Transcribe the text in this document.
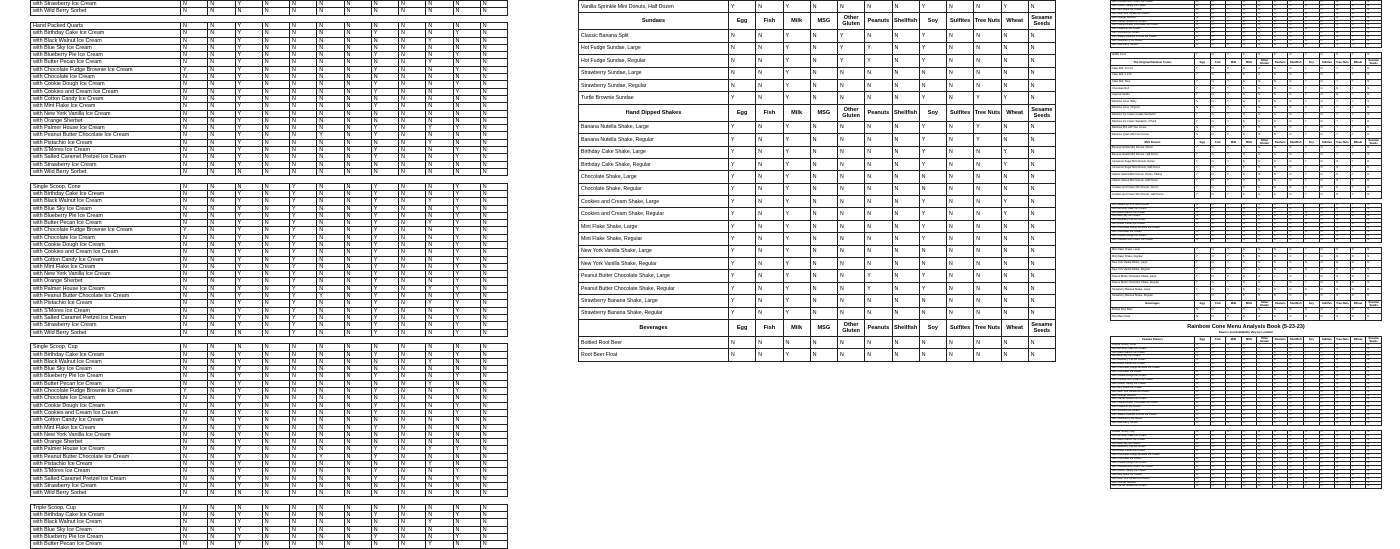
with Strawberry Ice Cream	N	N	Y	N	N	N	N	N	N	N	N	N
with Wild Berry Sorbet	N	N	N	N	N	N	N	N	N	N	N	N

Hand Packed Quarts	N	N	Y	N	N	N	N	N	N	N	N	N
with Birthday Cake Ice Cream	N	N	Y	N	N	N	N	Y	N	N	Y	N
with Black Walnut Ice Cream	N	N	Y	N	N	N	N	N	N	Y	N	N
with Blue Sky Ice Cream	N	N	Y	N	N	N	N	N	N	N	N	N
with Blueberry Pie Ice Cream	N	N	Y	N	N	N	N	Y	N	N	Y	N
with Butter Pecan Ice Cream	N	N	Y	N	N	N	N	N	N	Y	N	N
with Chocolate Fudge Brownie Ice Cream	Y	N	Y	N	N	N	N	Y	N	N	Y	N
with Chocolate Ice Cream	N	N	Y	N	N	N	N	N	N	N	N	N
with Cookie Dough Ice Cream	N	N	Y	N	N	N	N	Y	N	N	Y	N
with Cookies and Cream Ice Cream	N	N	Y	N	N	N	N	Y	N	N	Y	N
with Cotton Candy Ice Cream	N	N	Y	N	N	N	N	N	N	N	N	N
with Mint Flake Ice Cream	N	N	Y	N	N	N	N	Y	N	N	N	N
with New York Vanilla Ice Cream	N	N	Y	N	N	N	N	N	N	N	N	N
with Orange Sherbet	N	N	Y	N	N	N	N	N	N	N	N	N
with Palmer House Ice Cream	N	N	Y	N	N	N	N	Y	N	Y	Y	N
with Peanut Butter Chocolate Ice Cream	N	N	Y	N	N	Y	N	Y	N	N	N	N
with Pistachio Ice Cream	N	N	Y	N	N	N	N	N	N	Y	N	N
with S'Mores Ice Cream	N	N	Y	N	N	N	N	Y	N	N	Y	N
with Salted Caramel Pretzel Ice Cream	N	N	Y	N	N	N	N	Y	N	N	Y	N
with Strawberry Ice Cream	N	N	Y	N	N	N	N	N	N	N	N	N
with Wild Berry Sorbet	N	N	N	N	N	N	N	N	N	N	N	N

Single Scoop, Cone	N	N	N	N	Y	N	N	Y	N	N	Y	N
with Birthday Cake Ice Cream	N	N	Y	N	Y	N	N	Y	N	N	Y	N
with Black Walnut Ice Cream	N	N	Y	N	Y	N	N	Y	N	Y	Y	N
with Blue Sky Ice Cream	N	N	Y	N	Y	N	N	Y	N	N	Y	N
with Blueberry Pie Ice Cream	N	N	Y	N	Y	N	N	Y	N	N	Y	N
with Butter Pecan Ice Cream	N	N	Y	N	Y	N	N	Y	N	Y	Y	N
with Chocolate Fudge Brownie Ice Cream	Y	N	Y	N	Y	N	N	Y	N	N	Y	N
with Chocolate Ice Cream	N	N	Y	N	Y	N	N	Y	N	N	Y	N
with Cookie Dough Ice Cream	N	N	Y	N	Y	N	N	Y	N	N	Y	N
with Cookies and Cream Ice Cream	N	N	Y	N	Y	N	N	Y	N	N	Y	N
with Cotton Candy Ice Cream	N	N	Y	N	Y	N	N	Y	N	N	Y	N
with Mint Flake Ice Cream	N	N	Y	N	Y	N	N	Y	N	N	Y	N
with New York Vanilla Ice Cream	N	N	Y	N	Y	N	N	Y	N	N	Y	N
with Orange Sherbet	N	N	Y	N	Y	N	N	Y	N	N	Y	N
with Palmer House Ice Cream	N	N	Y	N	Y	N	N	Y	N	Y	Y	N
with Peanut Butter Chocolate Ice Cream	N	N	Y	N	Y	Y	N	Y	N	N	Y	N
with Pistachio Ice Cream	N	N	Y	N	Y	N	N	Y	N	Y	Y	N
with S'Mores Ice Cream	N	N	Y	N	Y	N	N	Y	N	N	Y	N
with Salted Caramel Pretzel Ice Cream	N	N	Y	N	Y	N	N	Y	N	N	Y	N
with Strawberry Ice Cream	N	N	Y	N	Y	N	N	Y	N	N	Y	N
with Wild Berry Sorbet	N	N	N	N	Y	N	N	Y	N	N	Y	N

Single Scoop, Cup	N	N	N	N	N	N	N	N	N	N	N	N
with Birthday Cake Ice Cream	N	N	Y	N	N	N	N	Y	N	N	Y	N
with Black Walnut Ice Cream	N	N	Y	N	N	N	N	N	N	Y	N	N
with Blue Sky Ice Cream	N	N	Y	N	N	N	N	N	N	N	N	N
with Blueberry Pie Ice Cream	N	N	Y	N	N	N	N	Y	N	N	Y	N
with Butter Pecan Ice Cream	N	N	Y	N	N	N	N	N	N	Y	N	N
with Chocolate Fudge Brownie Ice Cream	Y	N	Y	N	N	N	N	Y	N	N	Y	N
with Chocolate Ice Cream	N	N	Y	N	N	N	N	N	N	N	N	N
with Cookie Dough Ice Cream	N	N	Y	N	N	N	N	Y	N	N	Y	N
with Cookies and Cream Ice Cream	N	N	Y	N	N	N	N	Y	N	N	Y	N
with Cotton Candy Ice Cream	N	N	Y	N	N	N	N	N	N	N	N	N
with Mint Flake Ice Cream	N	N	Y	N	N	N	N	Y	N	N	N	N
with New York Vanilla Ice Cream	N	N	Y	N	N	N	N	N	N	N	N	N
with Orange Sherbet	N	N	Y	N	N	N	N	N	N	N	N	N
with Palmer House Ice Cream	N	N	Y	N	N	N	N	Y	N	Y	Y	N
with Peanut Butter Chocolate Ice Cream	N	N	Y	N	N	Y	N	Y	N	N	N	N
with Pistachio Ice Cream	N	N	Y	N	N	N	N	N	N	Y	N	N
with S'Mores Ice Cream	N	N	Y	N	N	N	N	Y	N	N	Y	N
with Salted Caramel Pretzel Ice Cream	N	N	Y	N	N	N	N	Y	N	N	Y	N
with Strawberry Ice Cream	N	N	Y	N	N	N	N	N	N	N	N	N
with Wild Berry Sorbet	N	N	N	N	N	N	N	N	N	N	N	N

Triple Scoop, Cup	N	N	N	N	N	N	N	N	N	N	N	N
with Birthday Cake Ice Cream	N	N	Y	N	N	N	N	Y	N	N	Y	N
with Black Walnut Ice Cream	N	N	Y	N	N	N	N	N	N	Y	N	N
with Blue Sky Ice Cream	N	N	Y	N	N	N	N	N	N	N	N	N
with Blueberry Pie Ice Cream	N	N	Y	N	N	N	N	Y	N	N	Y	N
with Butter Pecan Ice Cream	N	N	Y	N	N	N	N	N	N	Y	N	N
Vanilla Sprinkle Mini Donuts, Half Dozen	Y	N	Y	N	N	N	N	Y	N	N	Y	N
Sundaes	Egg	Fish	Milk	MSG	Other Gluten	Peanuts	Shellfish	Soy	Sulfites	Tree Nuts	Wheat	Sesame Seeds
Classic Banana Split	N	N	Y	N	Y	N	N	Y	N	N	N	N
Hot Fudge Sundae, Large	N	N	Y	N	Y	Y	N	Y	N	N	N	N
Hot Fudge Sundae, Regular	N	N	Y	N	Y	Y	N	Y	N	N	N	N
Strawberry Sundae, Large	N	N	Y	N	N	N	N	N	N	N	N	N
Strawberry Sundae, Regular	N	N	Y	N	N	N	N	N	N	N	N	N
Turtle Brownie Sundae	Y	N	Y	N	N	N	N	Y	N	Y	Y	N
Hand Dipped Shakes	Egg	Fish	Milk	MSG	Other Gluten	Peanuts	Shellfish	Soy	Sulfites	Tree Nuts	Wheat	Sesame Seeds
Banana Nutella Shake, Large	Y	N	Y	N	N	N	N	Y	N	Y	N	N
Banana Nutella Shake, Regular	Y	N	Y	N	N	N	N	Y	N	Y	N	N
Birthday Cake Shake, Large	Y	N	Y	N	N	N	N	Y	N	N	Y	N
Birthday Cake Shake, Regular	Y	N	Y	N	N	N	N	Y	N	N	Y	N
Chocolate Shake, Large	Y	N	Y	N	N	N	N	N	N	N	N	N
Chocolate Shake, Regular	Y	N	Y	N	N	N	N	N	N	N	N	N
Cookies and Cream Shake, Large	Y	N	Y	N	N	N	N	Y	N	N	Y	N
Cookies and Cream Shake, Regular	Y	N	Y	N	N	N	N	Y	N	N	Y	N
Mint Flake Shake, Large	Y	N	Y	N	N	N	N	Y	N	N	N	N
Mint Flake Shake, Regular	Y	N	Y	N	N	N	N	Y	N	N	N	N
New York Vanilla Shake, Large	Y	N	Y	N	N	N	N	N	N	N	N	N
New York Vanilla Shake, Regular	Y	N	Y	N	N	N	N	N	N	N	N	N
Peanut Butter Chocolate Shake, Large	Y	N	Y	N	N	Y	N	Y	N	N	N	N
Peanut Butter Chocolate Shake, Regular	Y	N	Y	N	N	Y	N	Y	N	N	N	N
Strawberry Banana Shake, Large	Y	N	Y	N	N	N	N	N	N	N	N	N
Strawberry Banana Shake, Regular	Y	N	Y	N	N	N	N	N	N	N	N	N
Beverages	Egg	Fish	Milk	MSG	Other Gluten	Peanuts	Shellfish	Soy	Sulfites	Tree Nuts	Wheat	Sesame Seeds
Bottled Root Beer	N	N	N	N	N	N	N	N	N	N	N	N
Root Beer Float	N	N	Y	N	N	N	N	N	N	N	N	N
with Cookies and Cream Ice Cream	N	N	Y	N	N	N	N	Y	N	N	Y	N
with Cotton Candy Ice Cream	N	N	Y	N	N	N	N	N	N	N	N	N
with Mint Flake Ice Cream	N	N	Y	N	N	N	N	Y	N	N	N	N
with New York Vanilla Ice Cream	N	N	Y	N	N	N	N	N	N	N	N	N
with Orange Sherbet	N	N	Y	N	N	N	N	N	N	N	N	N
with Palmer House Ice Cream	N	N	Y	N	N	N	N	Y	N	Y	Y	N
with Peanut Butter Chocolate Ice Cream	N	N	Y	N	N	Y	N	Y	N	N	N	N
with Pistachio Ice Cream	N	N	Y	N	N	N	N	N	N	Y	N	N
with S'Mores Ice Cream	N	N	Y	N	N	N	N	Y	N	N	Y	N
with Salted Caramel Pretzel Ice Cream	N	N	Y	N	N	N	N	Y	N	N	Y	N
with Strawberry Ice Cream	N	N	Y	N	N	N	N	N	N	N	N	N
with Wild Berry Sorbet	N	N	N	N	N	N	N	N	N	N	N	N

Waffle Cone	Y	N	Y	N	N	N	N	Y	N	N	Y	N
The Original Rainbow Cones	Egg	Fish	Milk	MSG	Other Gluten	Peanuts	Shellfish	Soy	Sulfites	Tree Nuts	Wheat	Sesame Seeds
Cake Roll, 12 Inch	Y	N	Y	N	N	N	N	Y	N	Y	Y	N
Cake Roll, 6 Inch	Y	N	Y	N	N	N	N	Y	N	Y	Y	N
Cake Roll, Slice	Y	N	Y	N	N	N	N	Y	N	Y	Y	N
Chocolate Roll	Y	N	Y	N	N	N	N	Y	N	N	Y	N
Layered Vanilla	Y	N	Y	N	N	N	N	Y	N	N	Y	N
Rainbow Cone, Baby	N	N	Y	N	N	N	N	Y	N	Y	Y	N
Rainbow Cone, Original	N	N	Y	N	N	N	N	Y	N	Y	Y	N
Rainbow Ice Cream Cookie Sandwich	Y	N	Y	N	N	N	N	Y	N	Y	Y	N
Rainbow Ice Cream Sandwich, 4 Pack	Y	N	Y	N	N	N	N	Y	N	Y	Y	N
Rainbow Pint with Two Cones	N	N	Y	N	N	N	N	Y	N	Y	Y	N
Rainbow Quart with Four Cones	N	N	Y	N	N	N	N	Y	N	Y	Y	N
Mini Donuts	Egg	Fish	Milk	MSG	Other Gluten	Peanuts	Shellfish	Soy	Sulfites	Tree Nuts	Wheat	Sesame Seeds
Banana Nutella Mini Donuts, Dozen	Y	N	Y	N	N	N	N	Y	N	Y	Y	N
Banana Nutella Mini Donuts, Half Dozen	Y	N	Y	N	N	N	N	Y	N	Y	Y	N
Cinnamon Sugar Mini Donuts, Dozen	Y	N	Y	N	N	N	N	Y	N	N	Y	N
Cinnamon Sugar Mini Donuts, Half Dozen	Y	N	Y	N	N	N	N	Y	N	N	Y	N
Classic Glazed Mini Donuts, Dozen, Plating	Y	N	Y	N	N	N	N	Y	N	N	Y	N
Classic Glazed Mini Donuts, Half Dozen	Y	N	Y	N	N	N	N	Y	N	N	Y	N
Cookies and Cream Mini Donuts, Dozen	Y	N	Y	N	N	N	N	Y	N	N	Y	N
Cookies and Cream Mini Donuts, Half Dozen	Y	N	Y	N	N	N	N	Y	N	N	Y	N

Ice Creams by 4 oz Mini Donuts	N	N	Y	N	N	N	N	Y	N	N	Y	N
with Birthday Cake Ice Cream	N	N	Y	N	N	N	N	Y	N	N	Y	N
with Black Walnut Ice Cream	N	N	Y	N	N	N	N	N	N	Y	N	N
with Blue Sky Ice Cream	N	N	Y	N	N	N	N	N	N	N	N	N
with Blueberry Pie Ice Cream	N	N	Y	N	N	N	N	Y	N	N	Y	N
with Butter Pecan Ice Cream	N	N	Y	N	N	N	N	N	N	Y	N	N
with Chocolate Fudge Brownie Ice Cream	Y	N	Y	N	N	N	N	Y	N	N	Y	N
with Chocolate Ice Cream	N	N	Y	N	N	N	N	N	N	N	N	N
with Cookie Dough Ice Cream	N	N	Y	N	N	N	N	Y	N	N	Y	N
with Cookies and Cream Ice Cream	N	N	Y	N	N	N	N	Y	N	N	Y	N

Mint Flake Shake, Large	Y	N	Y	N	N	N	N	Y	N	N	N	N
Mint Flake Shake, Regular	Y	N	Y	N	N	N	N	Y	N	N	N	N
New York Vanilla Shake, Large	Y	N	Y	N	N	N	N	N	N	N	N	N
New York Vanilla Shake, Regular	Y	N	Y	N	N	N	N	N	N	N	N	N
Peanut Butter Chocolate Shake, Large	Y	N	Y	N	N	Y	N	Y	N	N	N	N
Peanut Butter Chocolate Shake, Regular	Y	N	Y	N	N	Y	N	Y	N	N	N	N
Strawberry Banana Shake, Large	Y	N	Y	N	N	N	N	N	N	N	N	N
Strawberry Banana Shake, Regular	Y	N	Y	N	N	N	N	N	N	N	N	N
Beverages	Egg	Fish	Milk	MSG	Other Gluten	Peanuts	Shellfish	Soy	Sulfites	Tree Nuts	Wheat	Sesame Seeds
Bottled Root Beer	N	N	N	N	N	N	N	N	N	N	N	N
Root Beer Float	N	N	Y	N	N	N	N	N	N	N	N	N
Rainbow Cone Menu Analysis Book (5-23-23)
Flavors and Availability Vary by Location
Feature Flavors	Egg	Fish	Milk	MSG	Other Gluten	Peanuts	Shellfish	Soy	Sulfites	Tree Nuts	Wheat	Sesame Seeds
Double Scoop, Cone	N	N	N	N	Y	N	N	Y	N	N	Y	N
with Birthday Cake Ice Cream	N	N	Y	N	Y	N	N	Y	N	N	Y	N
with Black Walnut Ice Cream	N	N	Y	N	Y	N	N	Y	N	Y	Y	N
with Blue Sky Ice Cream	N	N	Y	N	Y	N	N	Y	N	N	Y	N
with Blueberry Pie Ice Cream	N	N	Y	N	Y	N	N	Y	N	N	Y	N
with Butter Pecan Ice Cream	N	N	Y	N	Y	N	N	Y	N	Y	Y	N
with Chocolate Fudge Brownie Ice Cream	Y	N	Y	N	Y	N	N	Y	N	N	Y	N
with Chocolate Ice Cream	N	N	Y	N	Y	N	N	Y	N	N	Y	N
with Cookie Dough Ice Cream	N	N	Y	N	Y	N	N	Y	N	N	Y	N
with Cookies and Cream Ice Cream	N	N	Y	N	Y	N	N	Y	N	N	Y	N
with Cotton Candy Ice Cream	N	N	Y	N	Y	N	N	Y	N	N	Y	N
with Mint Flake Ice Cream	N	N	Y	N	Y	N	N	Y	N	N	Y	N
with New York Vanilla Ice Cream	N	N	Y	N	Y	N	N	Y	N	N	Y	N
with Orange Sherbet	N	N	Y	N	Y	N	N	Y	N	N	Y	N
with Palmer House Ice Cream	N	N	Y	N	Y	N	N	Y	N	Y	Y	N
with Peanut Butter Chocolate Ice Cream	N	N	Y	N	Y	Y	N	Y	N	N	Y	N
with Pistachio Ice Cream	N	N	Y	N	Y	N	N	Y	N	Y	Y	N
with S'Mores Ice Cream	N	N	Y	N	Y	N	N	Y	N	N	Y	N
with Salted Caramel Pretzel Ice Cream	N	N	Y	N	Y	N	N	Y	N	N	Y	N
with Strawberry Ice Cream	N	N	Y	N	Y	N	N	Y	N	N	Y	N
with Wild Berry Sorbet	N	N	N	N	Y	N	N	Y	N	N	Y	N

Double Scoop, Cup	N	N	N	N	N	N	N	N	N	N	N	N
with Birthday Cake Ice Cream	N	N	Y	N	N	N	N	Y	N	N	Y	N
with Black Walnut Ice Cream	N	N	Y	N	N	N	N	N	N	Y	N	N
with Blue Sky Ice Cream	N	N	Y	N	N	N	N	N	N	N	N	N
with Blueberry Pie Ice Cream	N	N	Y	N	N	N	N	Y	N	N	Y	N
with Butter Pecan Ice Cream	N	N	Y	N	N	N	N	N	N	Y	N	N
with Chocolate Fudge Brownie Ice Cream	Y	N	Y	N	N	N	N	Y	N	N	Y	N
with Chocolate Ice Cream	N	N	Y	N	N	N	N	N	N	N	N	N
with Cookie Dough Ice Cream	N	N	Y	N	N	N	N	Y	N	N	Y	N
with Cookies and Cream Ice Cream	N	N	Y	N	N	N	N	Y	N	N	Y	N
with Cotton Candy Ice Cream	N	N	Y	N	N	N	N	N	N	N	N	N
with Mint Flake Ice Cream	N	N	Y	N	N	N	N	Y	N	N	N	N
with New York Vanilla Ice Cream	N	N	Y	N	N	N	N	N	N	N	N	N
with Orange Sherbet	N	N	Y	N	N	N	N	N	N	N	N	N
with Palmer House Ice Cream	N	N	Y	N	N	N	N	Y	N	Y	Y	N
